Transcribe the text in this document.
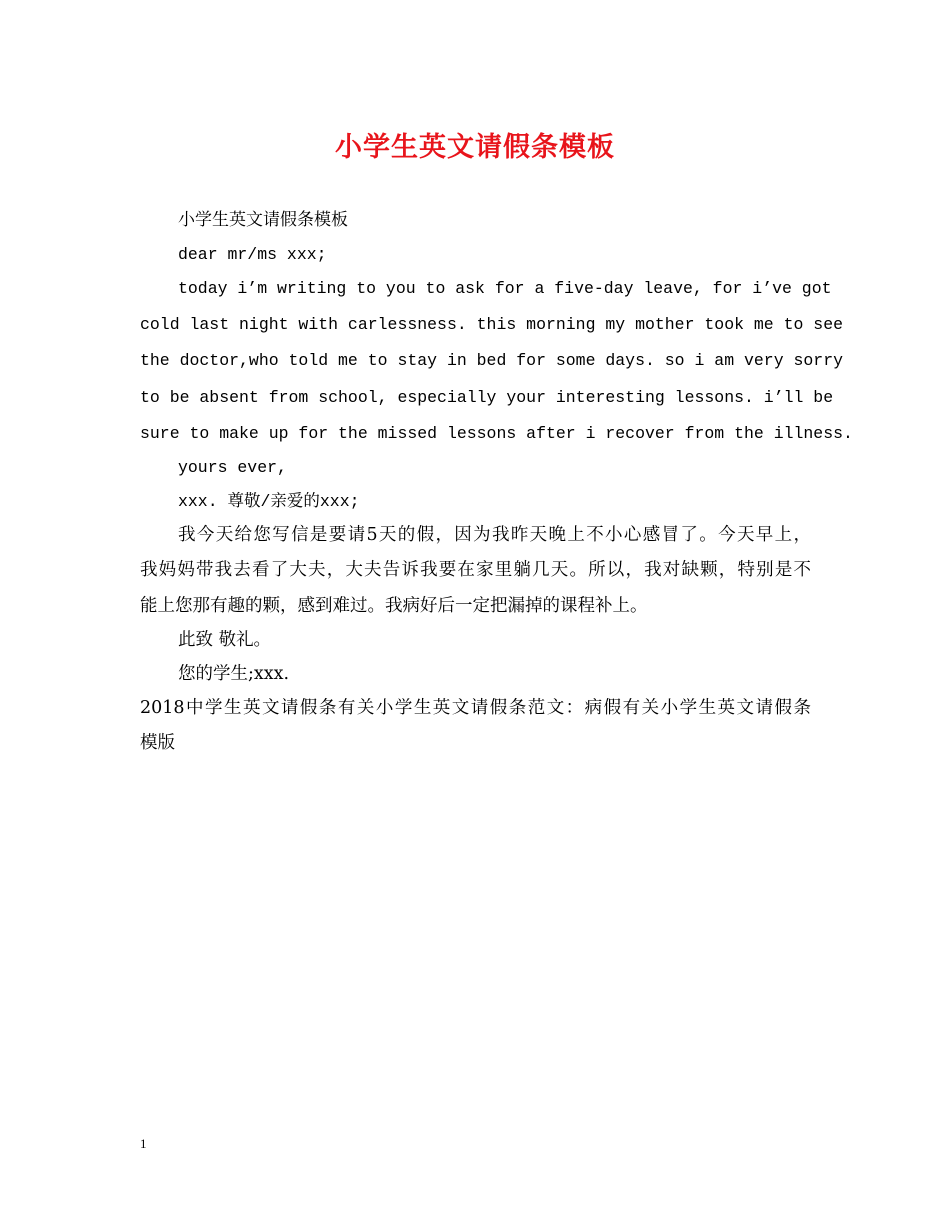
小学生英文请假条模板
小学生英文请假条模板
dear mr/ms xxx;
today i’m writing to you to ask for a five-day leave, for i’ve got
cold last night with carlessness. this morning my mother took me to see
the doctor,who told me to stay in bed for some days. so i am very sorry
to be absent from school, especially your interesting lessons. i’ll be
sure to make up for the missed lessons after i recover from the illness.
yours ever,
xxx. 尊敬/亲爱的xxx;
我今天给您写信是要请5天的假，因为我昨天晚上不小心感冒了。今天早上，
我妈妈带我去看了大夫，大夫告诉我要在家里躺几天。所以，我对缺颗，特别是不
能上您那有趣的颗，感到难过。我病好后一定把漏掉的课程补上。
此致 敬礼。
您的学生;xxx.
2018中学生英文请假条有关小学生英文请假条范文：病假有关小学生英文请假条
模版
1
